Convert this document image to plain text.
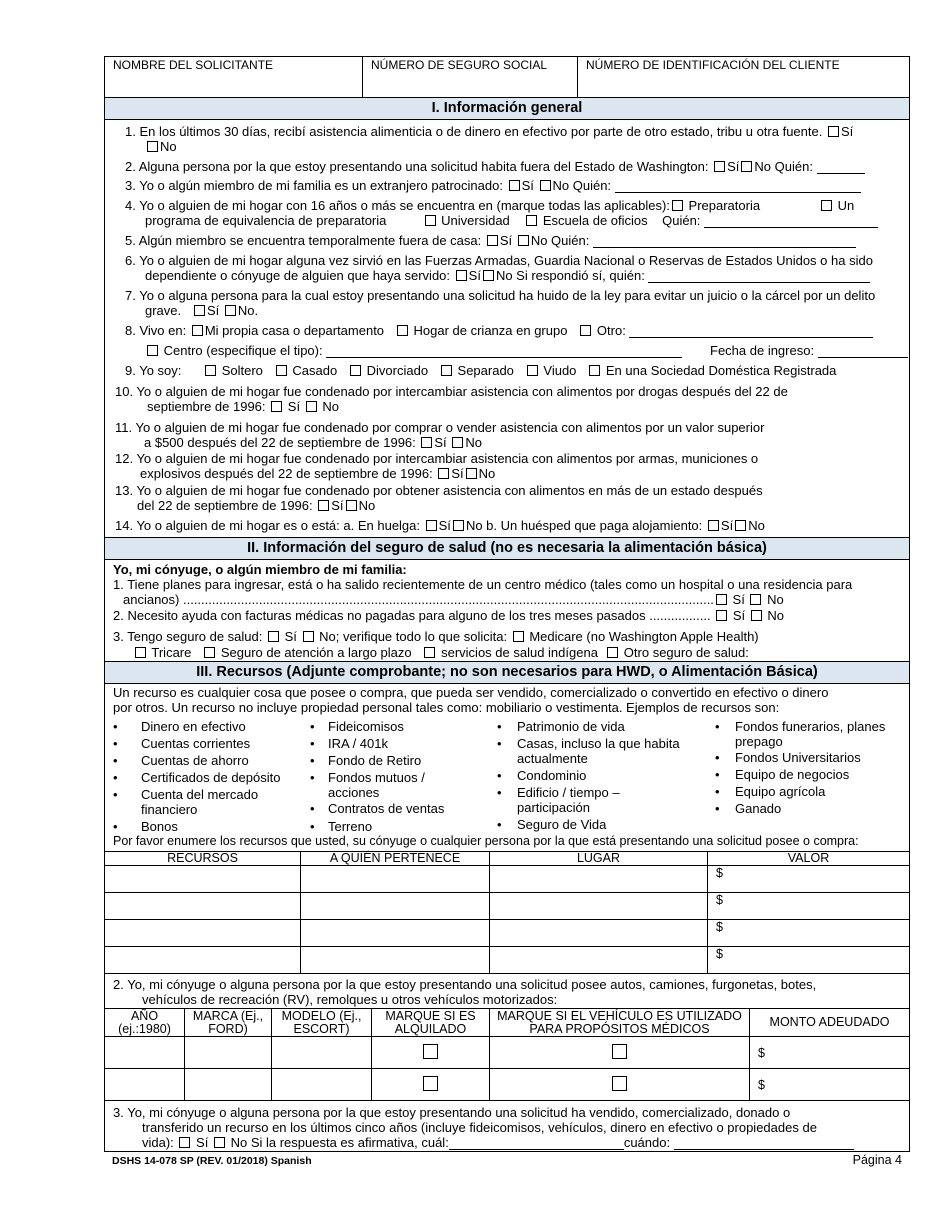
NOMBRE DEL SOLICITANTE	NÚMERO DE SEGURO SOCIAL	NÚMERO DE IDENTIFICACIÓN DEL CLIENTE
I. Información general
1. En los últimos 30 días, recibí asistencia alimenticia o de dinero en efectivo por parte de otro estado, tribu u otra fuente. Sí
No
2. Alguna persona por la que estoy presentando una solicitud habita fuera del Estado de Washington: Sí No Quién:
3. Yo o algún miembro de mi familia es un extranjero patrocinado: Sí No Quién:
4. Yo o alguien de mi hogar con 16 años o más se encuentra en (marque todas las aplicables): Preparatoria	Un
programa de equivalencia de preparatoria	Universidad	Escuela de oficios Quién:
5. Algún miembro se encuentra temporalmente fuera de casa: Sí No Quién:
6. Yo o alguien de mi hogar alguna vez sirvió en las Fuerzas Armadas, Guardia Nacional o Reservas de Estados Unidos o ha sido
dependiente o cónyuge de alguien que haya servido: Sí No Si respondió sí, quién:
7. Yo o alguna persona para la cual estoy presentando una solicitud ha huido de la ley para evitar un juicio o la cárcel por un delito
grave. Sí No.
8. Vivo en: Mi propia casa o departamento Hogar de crianza en grupo Otro:
Centro (especifique el tipo):	Fecha de ingreso:
9. Yo soy:	Soltero Casado Divorciado Separado Viudo En una Sociedad Doméstica Registrada
10. Yo o alguien de mi hogar fue condenado por intercambiar asistencia con alimentos por drogas después del 22 de
septiembre de 1996: Sí No
11. Yo o alguien de mi hogar fue condenado por comprar o vender asistencia con alimentos por un valor superior
a $500 después del 22 de septiembre de 1996: Sí No
12. Yo o alguien de mi hogar fue condenado por intercambiar asistencia con alimentos por armas, municiones o
explosivos después del 22 de septiembre de 1996: Sí No
13. Yo o alguien de mi hogar fue condenado por obtener asistencia con alimentos en más de un estado después
del 22 de septiembre de 1996: Sí No
14. Yo o alguien de mi hogar es o está: a. En huelga: Sí No b. Un huésped que paga alojamiento: Sí No
II. Información del seguro de salud (no es necesaria la alimentación básica)
Yo, mi cónyuge, o algún miembro de mi familia:
1. Tiene planes para ingresar, está o ha salido recientemente de un centro médico (tales como un hospital o una residencia para
ancianos) ................................................................................................................................................... Sí No
2. Necesito ayuda con facturas médicas no pagadas para alguno de los tres meses pasados ................. Sí No
3. Tengo seguro de salud: Sí No; verifique todo lo que solicita: Medicare (no Washington Apple Health)
Tricare Seguro de atención a largo plazo servicios de salud indígena Otro seguro de salud:
III. Recursos (Adjunte comprobante; no son necesarios para HWD, o Alimentación Básica)
Un recurso es cualquier cosa que posee o compra, que pueda ser vendido, comercializado o convertido en efectivo o dinero
por otros. Un recurso no incluye propiedad personal tales como: mobiliario o vestimenta. Ejemplos de recursos son:
• Dinero en efectivo
• Cuentas corrientes
• Cuentas de ahorro
• Certificados de depósito
• Cuenta del mercado financiero
• Bonos
• Fideicomisos
• IRA / 401k
• Fondo de Retiro
• Fondos mutuos / acciones
• Contratos de ventas
• Terreno
• Patrimonio de vida
• Casas, incluso la que habita actualmente
• Condominio
• Edificio / tiempo – participación
• Seguro de Vida
• Fondos funerarios, planes prepago
• Fondos Universitarios
• Equipo de negocios
• Equipo agrícola
• Ganado
Por favor enumere los recursos que usted, su cónyuge o cualquier persona por la que está presentando una solicitud posee o compra:
RECURSOS	A QUIÉN PERTENECE	LUGAR	VALOR
			$
			$
			$
			$
2. Yo, mi cónyuge o alguna persona por la que estoy presentando una solicitud posee autos, camiones, furgonetas, botes,
vehículos de recreación (RV), remolques u otros vehículos motorizados:
AÑO (ej.:1980)	MARCA (Ej., FORD)	MODELO (Ej., ESCORT)	MARQUE SI ES ALQUILADO	MARQUE SI EL VEHÍCULO ES UTILIZADO PARA PROPÓSITOS MÉDICOS	MONTO ADEUDADO
					$
					$
3. Yo, mi cónyuge o alguna persona por la que estoy presentando una solicitud ha vendido, comercializado, donado o
transferido un recurso en los últimos cinco años (incluye fideicomisos, vehículos, dinero en efectivo o propiedades de
vida): Sí No Si la respuesta es afirmativa, cuál:	cuándo:
DSHS 14-078 SP (REV. 01/2018) Spanish	Página 4
